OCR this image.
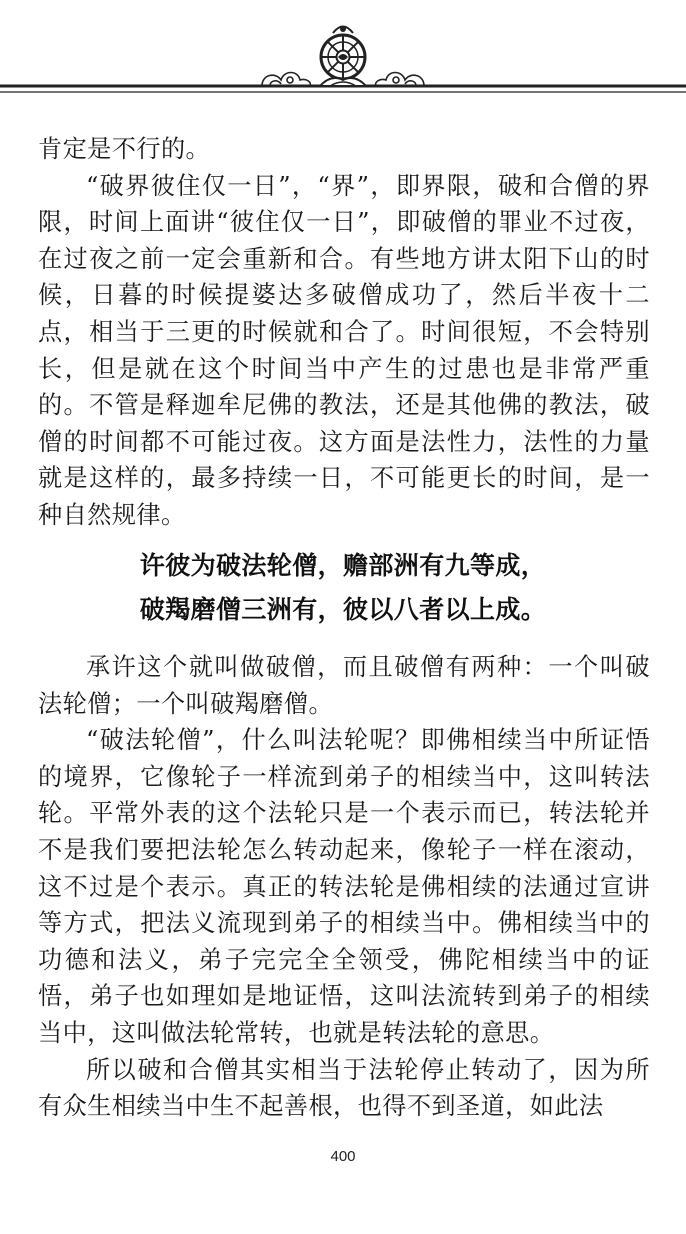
肯定是不行的。

“破界彼住仅一日”，“界”，即界限，破和合僧的界限，时间上面讲“彼住仅一日”，即破僧的罪业不过夜，在过夜之前一定会重新和合。有些地方讲太阳下山的时候，日暮的时候提婆达多破僧成功了，然后半夜十二点，相当于三更的时候就和合了。时间很短，不会特别长，但是就在这个时间当中产生的过患也是非常严重的。不管是释迦牟尼佛的教法，还是其他佛的教法，破僧的时间都不可能过夜。这方面是法性力，法性的力量就是这样的，最多持续一日，不可能更长的时间，是一种自然规律。

许彼为破法轮僧，赡部洲有九等成，
破羯磨僧三洲有，彼以八者以上成。

承许这个就叫做破僧，而且破僧有两种：一个叫破法轮僧；一个叫破羯磨僧。

“破法轮僧”，什么叫法轮呢？即佛相续当中所证悟的境界，它像轮子一样流到弟子的相续当中，这叫转法轮。平常外表的这个法轮只是一个表示而已，转法轮并不是我们要把法轮怎么转动起来，像轮子一样在滚动，这不过是个表示。真正的转法轮是佛相续的法通过宣讲等方式，把法义流现到弟子的相续当中。佛相续当中的功德和法义，弟子完完全全领受，佛陀相续当中的证悟，弟子也如理如是地证悟，这叫法流转到弟子的相续当中，这叫做法轮常转，也就是转法轮的意思。

所以破和合僧其实相当于法轮停止转动了，因为所有众生相续当中生不起善根，也得不到圣道，如此法

400
